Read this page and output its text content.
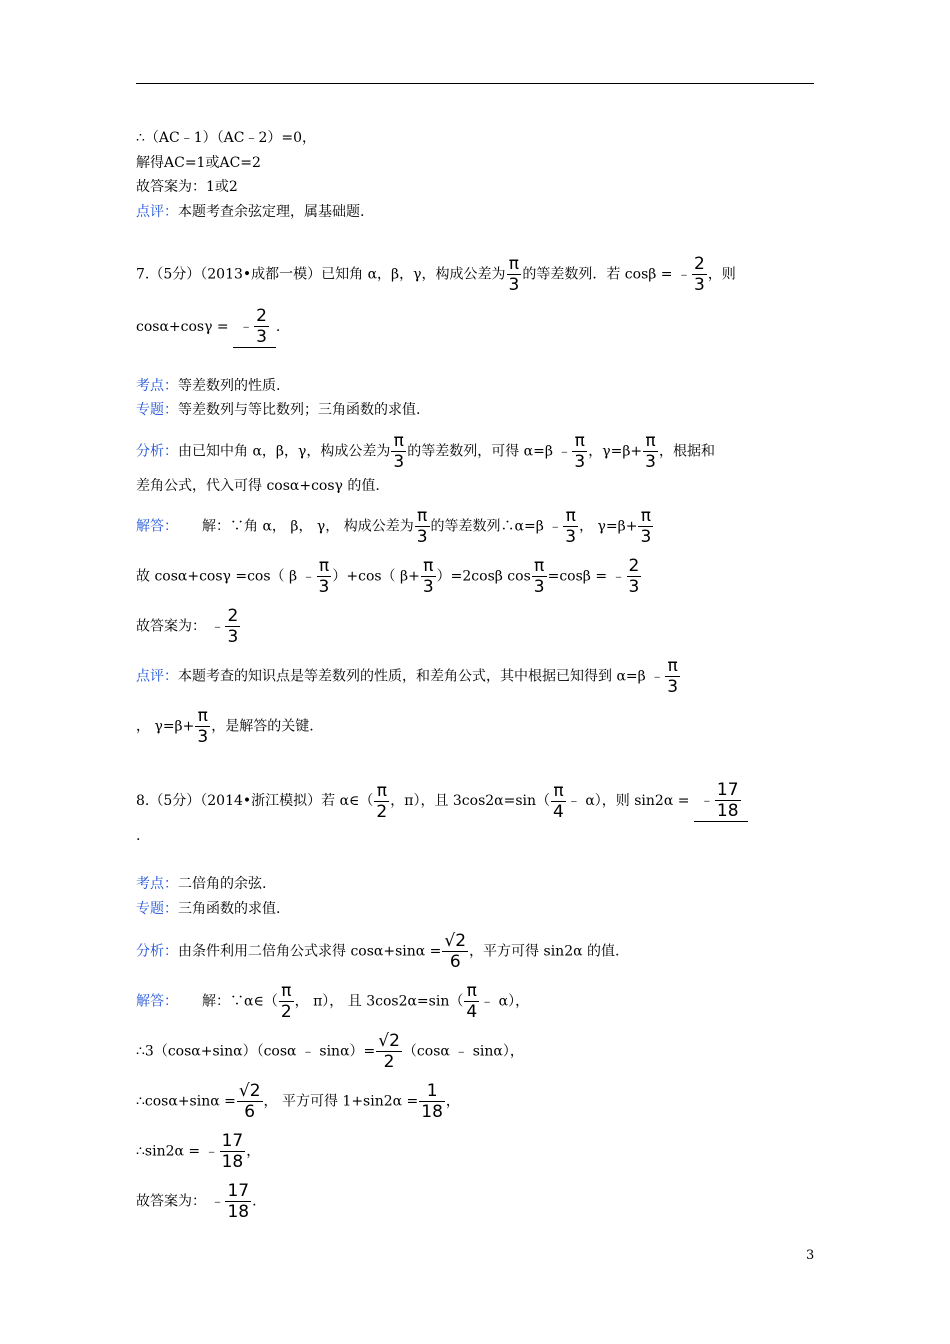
∴（AC﹣1）（AC﹣2）=0，
解得AC=1或AC=2
故答案为：1或2
点评：本题考查余弦定理，属基础题.
7.（5分）（2013•成都一模）已知角 α，β，γ，构成公差为 $\frac{\pi}{3}$ 的等差数列．若 cosβ = ﹣ $\frac{2}{3}$ ，则
cosα+cosγ = ﹣ $\frac{2}{3}$ .
考点：等差数列的性质.
专题：等差数列与等比数列；三角函数的求值.
分析：由已知中角 α，β，γ，构成公差为 $\frac{\pi}{3}$ 的等差数列，可得 α=β ﹣ $\frac{\pi}{3}$ ，$\gamma=\beta+ \frac{\pi}{3}$ ，根据和
差角公式，代入可得 cosα+cosγ 的值.
解答： 解：∵角 α， β， γ， 构成公差为 $\frac{\pi}{3}$ 的等差数列∴α=β ﹣ $\frac{\pi}{3}$ ， $\gamma=\beta+ \frac{\pi}{3}$
故 cosα+cosγ =cos（ β ﹣ $\frac{\pi}{3} )+\cos$（ $\beta+ \frac{\pi}{3} )=2\cos\beta$ $\cos \frac{\pi}{3} =\cos\beta$ = ﹣ $\frac{2}{3}$
故答案为： ﹣ $\frac{2}{3}$
点评：本题考查的知识点是等差数列的性质，和差角公式，其中根据已知得到 α=β ﹣ $\frac{\pi}{3}$
， $\gamma=\beta+ \frac{\pi}{3}$ ，是解答的关键.
8.（5分）（2014•浙江模拟）若 α∈（ $\frac{\pi}{2}$ ，π），且 $3\cos 2\alpha=\sin( \frac{\pi}{4}$ ﹣ α），则 sin2α = ﹣ $\frac{17}{18}$
.
考点：二倍角的余弦.
专题：三角函数的求值.
分析：由条件利用二倍角公式求得 $\cos\alpha+\sin\alpha = \frac{√2}{6}$ ，平方可得 sin2α 的值.
解答： 解：∵α∈（ $\frac{\pi}{2}$ ， π）， 且 $3\cos 2\alpha=\sin( \frac{\pi}{4}$ ﹣ α），
∴3（cosα+sinα）（cosα ﹣ $\sin\alpha)= \frac{√2}{2} (\cos\alpha$ ﹣ sinα），
∴cosα+sinα = $\frac{√2}{6}$ ， 平方可得 $1+\sin 2\alpha = \frac{1}{18}$ ，
∴sin2α = ﹣ $\frac{17}{18}$ ，
故答案为： ﹣ $\frac{17}{18}$ .
3
